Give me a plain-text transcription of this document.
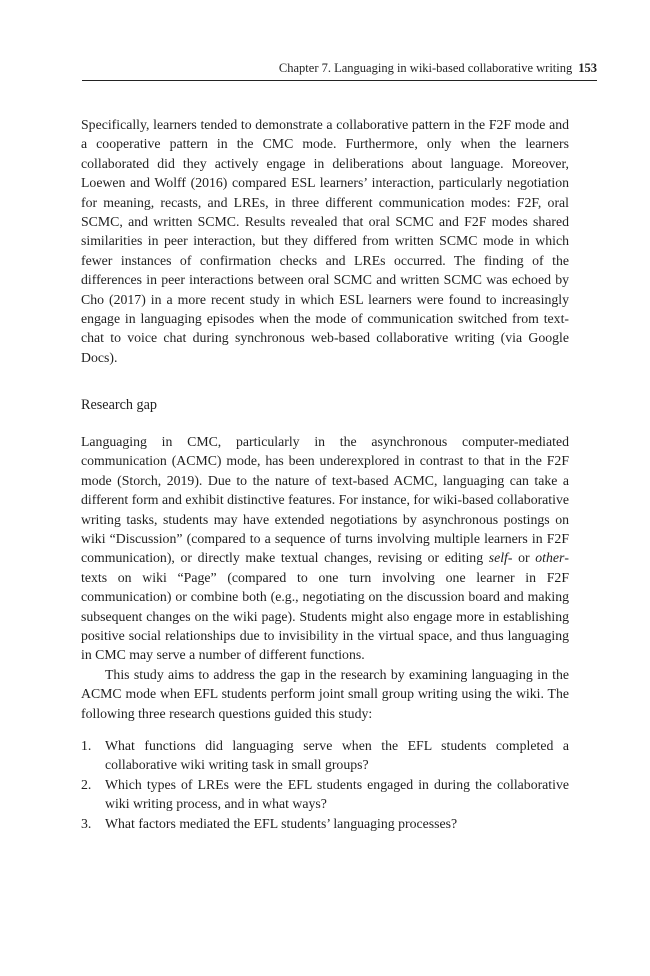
Chapter 7. Languaging in wiki-based collaborative writing 153

Specifically, learners tended to demonstrate a collaborative pattern in the F2F mode and a cooperative pattern in the CMC mode. Furthermore, only when the learners collaborated did they actively engage in deliberations about language. Moreover, Loewen and Wolff (2016) compared ESL learners’ interaction, particularly negotiation for meaning, recasts, and LREs, in three different communication modes: F2F, oral SCMC, and written SCMC. Results revealed that oral SCMC and F2F modes shared similarities in peer interaction, but they differed from written SCMC mode in which fewer instances of confirmation checks and LREs occurred. The finding of the differences in peer interactions between oral SCMC and written SCMC was echoed by Cho (2017) in a more recent study in which ESL learners were found to increasingly engage in languaging episodes when the mode of communication switched from text-chat to voice chat during synchronous web-based collaborative writing (via Google Docs).

Research gap

Languaging in CMC, particularly in the asynchronous computer-mediated communication (ACMC) mode, has been underexplored in contrast to that in the F2F mode (Storch, 2019). Due to the nature of text-based ACMC, languaging can take a different form and exhibit distinctive features. For instance, for wiki-based collaborative writing tasks, students may have extended negotiations by asynchronous postings on wiki “Discussion” (compared to a sequence of turns involving multiple learners in F2F communication), or directly make textual changes, revising or editing self- or other-texts on wiki “Page” (compared to one turn involving one learner in F2F communication) or combine both (e.g., negotiating on the discussion board and making subsequent changes on the wiki page). Students might also engage more in establishing positive social relationships due to invisibility in the virtual space, and thus languaging in CMC may serve a number of different functions.

This study aims to address the gap in the research by examining languaging in the ACMC mode when EFL students perform joint small group writing using the wiki. The following three research questions guided this study:

1. What functions did languaging serve when the EFL students completed a collaborative wiki writing task in small groups?
2. Which types of LREs were the EFL students engaged in during the collaborative wiki writing process, and in what ways?
3. What factors mediated the EFL students’ languaging processes?
